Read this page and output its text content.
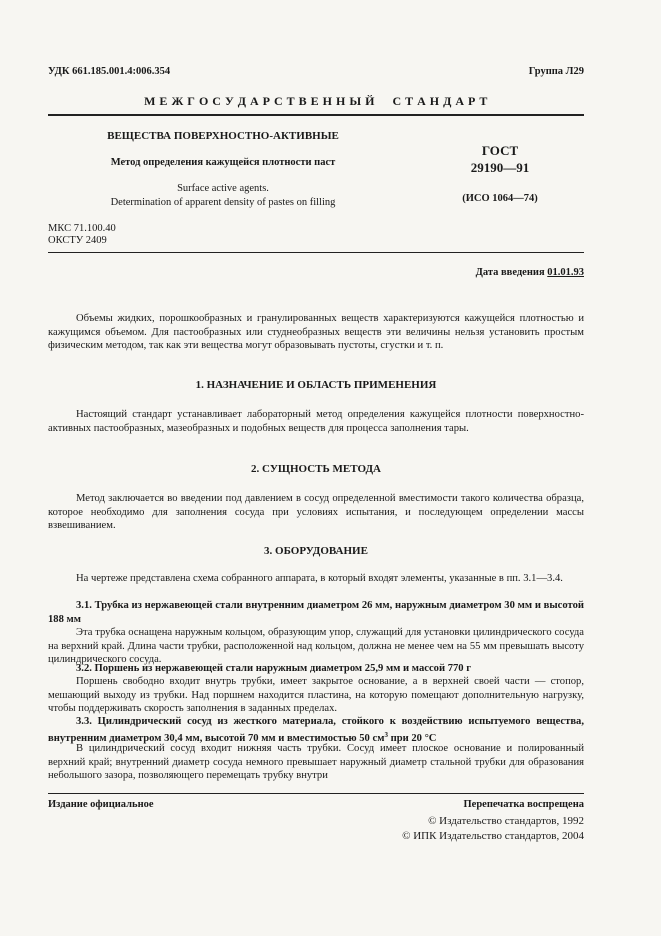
УДК 661.185.001.4:006.354	Группа Л29

М Е Ж Г О С У Д А Р С Т В Е Н Н Ы Й     С Т А Н Д А Р Т

ВЕЩЕСТВА ПОВЕРХНОСТНО-АКТИВНЫЕ

Метод определения кажущейся плотности паст

Surface active agents.

Determination of apparent density of pastes on filling

ГОСТ

29190—91

(ИСО 1064—74)

МКС 71.100.40

ОКСТУ 2409

Дата введения 01.01.93

Объемы жидких, порошкообразных и гранулированных веществ характеризуются кажущейся плотностью и кажущимся объемом. Для пастообразных или студнеобразных веществ эти величины нельзя установить простым физическим методом, так как эти вещества могут образовывать пустоты, сгустки и т. п.

1. НАЗНАЧЕНИЕ И ОБЛАСТЬ ПРИМЕНЕНИЯ

Настоящий стандарт устанавливает лабораторный метод определения кажущейся плотности поверхностно-активных пастообразных, мазеобразных и подобных веществ для процесса заполнения тары.

2. СУЩНОСТЬ МЕТОДА

Метод заключается во введении под давлением в сосуд определенной вместимости такого количества образца, которое необходимо для заполнения сосуда при условиях испытания, и последующем определении массы взвешиванием.

3. ОБОРУДОВАНИЕ

На чертеже представлена схема собранного аппарата, в который входят элементы, указанные в пп. 3.1—3.4.

3.1. Трубка из нержавеющей стали внутренним диаметром 26 мм, наружным диаметром 30 мм и высотой 188 мм

Эта трубка оснащена наружным кольцом, образующим упор, служащий для установки цилиндрического сосуда на верхний край. Длина части трубки, расположенной над кольцом, должна не менее чем на 55 мм превышать высоту цилиндрического сосуда.

3.2. Поршень из нержавеющей стали наружным диаметром 25,9 мм и массой 770 г

Поршень свободно входит внутрь трубки, имеет закрытое основание, а в верхней своей части — стопор, мешающий выходу из трубки. Над поршнем находится пластина, на которую помещают дополнительную нагрузку, чтобы поддерживать скорость заполнения в заданных пределах.

3.3. Цилиндрический сосуд из жесткого материала, стойкого к воздействию испытуемого вещества, внутренним диаметром 30,4 мм, высотой 70 мм и вместимостью 50 $см^3$ при 20 °С

В цилиндрический сосуд входит нижняя часть трубки. Сосуд имеет плоское основание и полированный верхний край; внутренний диаметр сосуда немного превышает наружный диаметр стальной трубки для образования небольшого зазора, позволяющего перемещать трубку внутри

Издание официальное	Перепечатка воспрещена

© Издательство стандартов, 1992

© ИПК Издательство стандартов, 2004
